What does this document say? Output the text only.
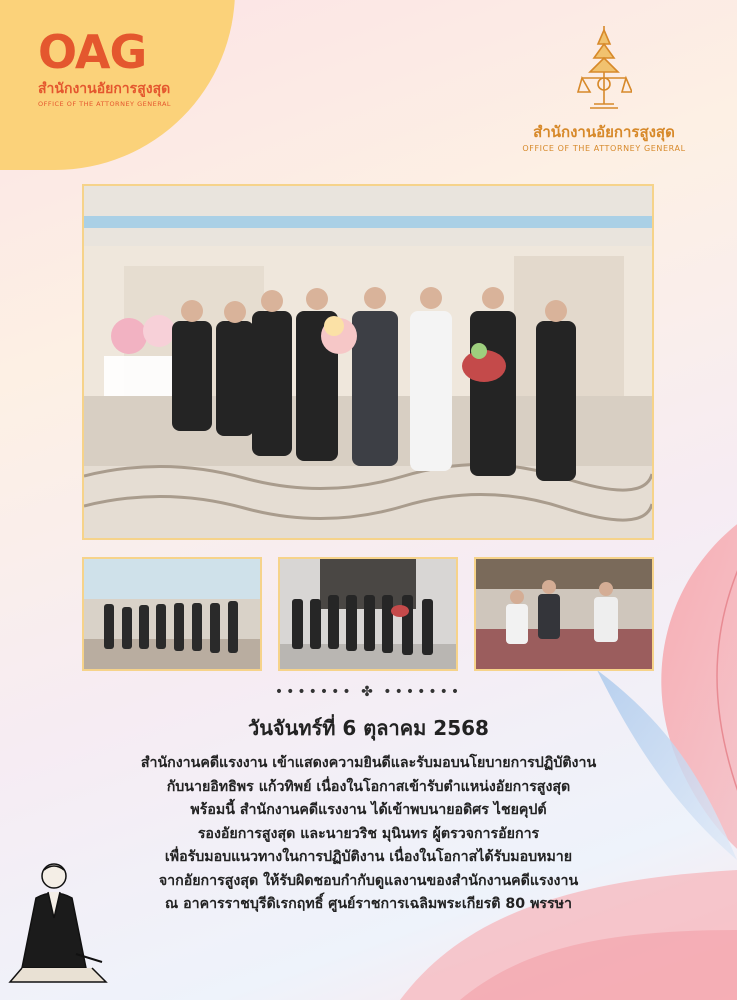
OAG
สำนักงานอัยการสูงสุด
OFFICE OF THE ATTORNEY GENERAL
สำนักงานอัยการสูงสุด
OFFICE OF THE ATTORNEY GENERAL
••••••• ✤ •••••••
วันจันทร์ที่ 6 ตุลาคม 2568
สำนักงานคดีแรงงาน เข้าแสดงความยินดีและรับมอบนโยบายการปฏิบัติงาน
กับนายอิทธิพร แก้วทิพย์ เนื่องในโอกาสเข้ารับตำแหน่งอัยการสูงสุด
พร้อมนี้ สำนักงานคดีแรงงาน ได้เข้าพบนายอดิศร ไชยคุปต์
รองอัยการสูงสุด และนายวริช มุนินทร ผู้ตรวจการอัยการ
เพื่อรับมอบแนวทางในการปฏิบัติงาน เนื่องในโอกาสได้รับมอบหมาย
จากอัยการสูงสุด ให้รับผิดชอบกำกับดูแลงานของสำนักงานคดีแรงงาน
ณ อาคารราชบุรีดิเรกฤทธิ์ ศูนย์ราชการเฉลิมพระเกียรติ 80 พรรษา
